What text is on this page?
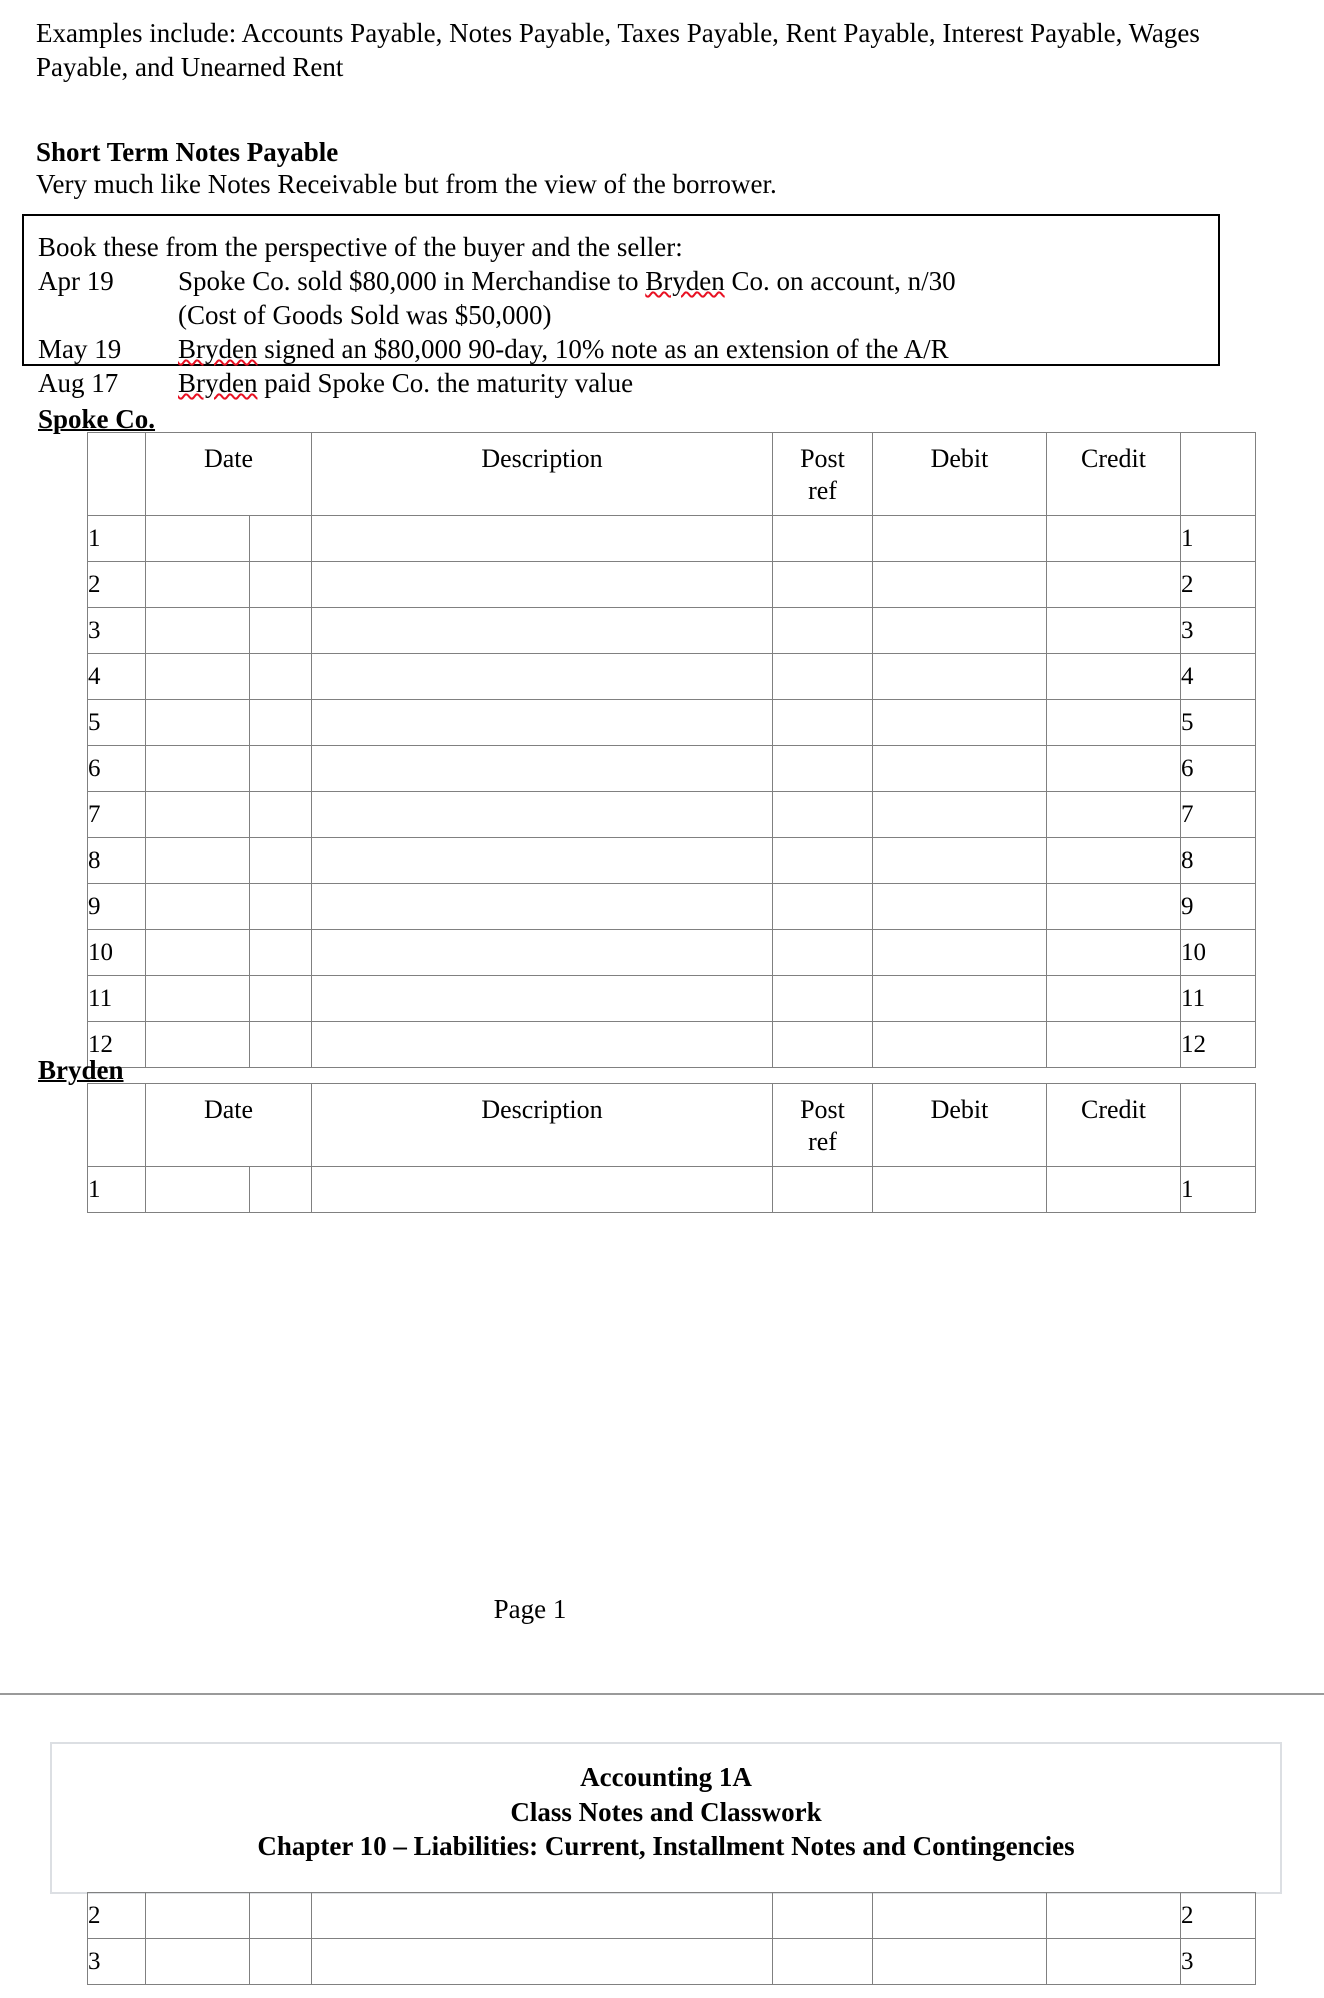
Examples include: Accounts Payable, Notes Payable, Taxes Payable, Rent Payable, Interest Payable, Wages Payable, and Unearned Rent
Short Term Notes Payable
Very much like Notes Receivable but from the view of the borrower.
Book these from the perspective of the buyer and the seller:
Apr 19 Spoke Co. sold $80,000 in Merchandise to Bryden Co. on account, n/30
(Cost of Goods Sold was $50,000)
May 19 Bryden signed an $80,000 90-day, 10% note as an extension of the A/R
Aug 17 Bryden paid Spoke Co. the maturity value
Spoke Co.
	Date		Description	Post
ref	Debit	Credit	
1							1
2							2
3							3
4							4
5							5
6							6
7							7
8							8
9							9
10							10
11							11
12							12
Bryden
	Date		Description	Post
ref	Debit	Credit	
1							1
Page 1
Accounting 1A
Class Notes and Classwork
Chapter 10 – Liabilities: Current, Installment Notes and Contingencies
2							2
3							3
